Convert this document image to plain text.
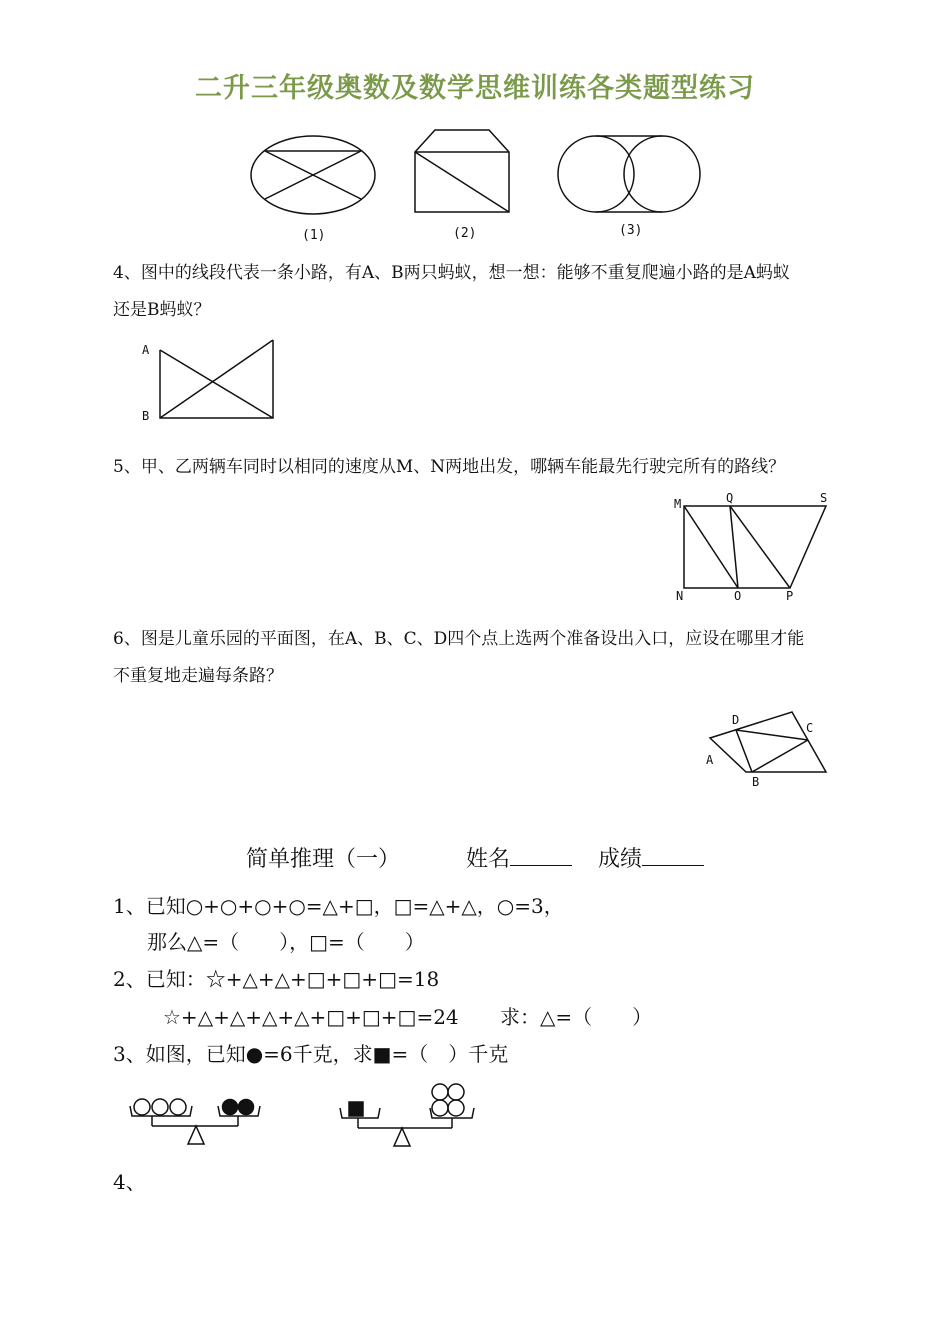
二升三年级奥数及数学思维训练各类题型练习
(1)	(2)	(3)
4、图中的线段代表一条小路，有A、B两只蚂蚁，想一想：能够不重复爬遍小路的是A蚂蚁
还是B蚂蚁？
A
B
5、甲、乙两辆车同时以相同的速度从M、N两地出发，哪辆车能最先行驶完所有的路线？
M	Q	S
N	O	P
6、图是儿童乐园的平面图，在A、B、C、D四个点上选两个准备设出入口，应设在哪里才能
不重复地走遍每条路？
D
C
A
B
简单推理（一）	姓名	成绩
1、已知○+○+○+○=△+□，□=△+△，○=3，
那么△=（　　），□=（　　）
2、已知：☆+△+△+□+□+□=18
☆+△+△+△+△+□+□+□=24 求：△=（　　）
3、如图，已知●=6千克，求■=（　）千克
4、
